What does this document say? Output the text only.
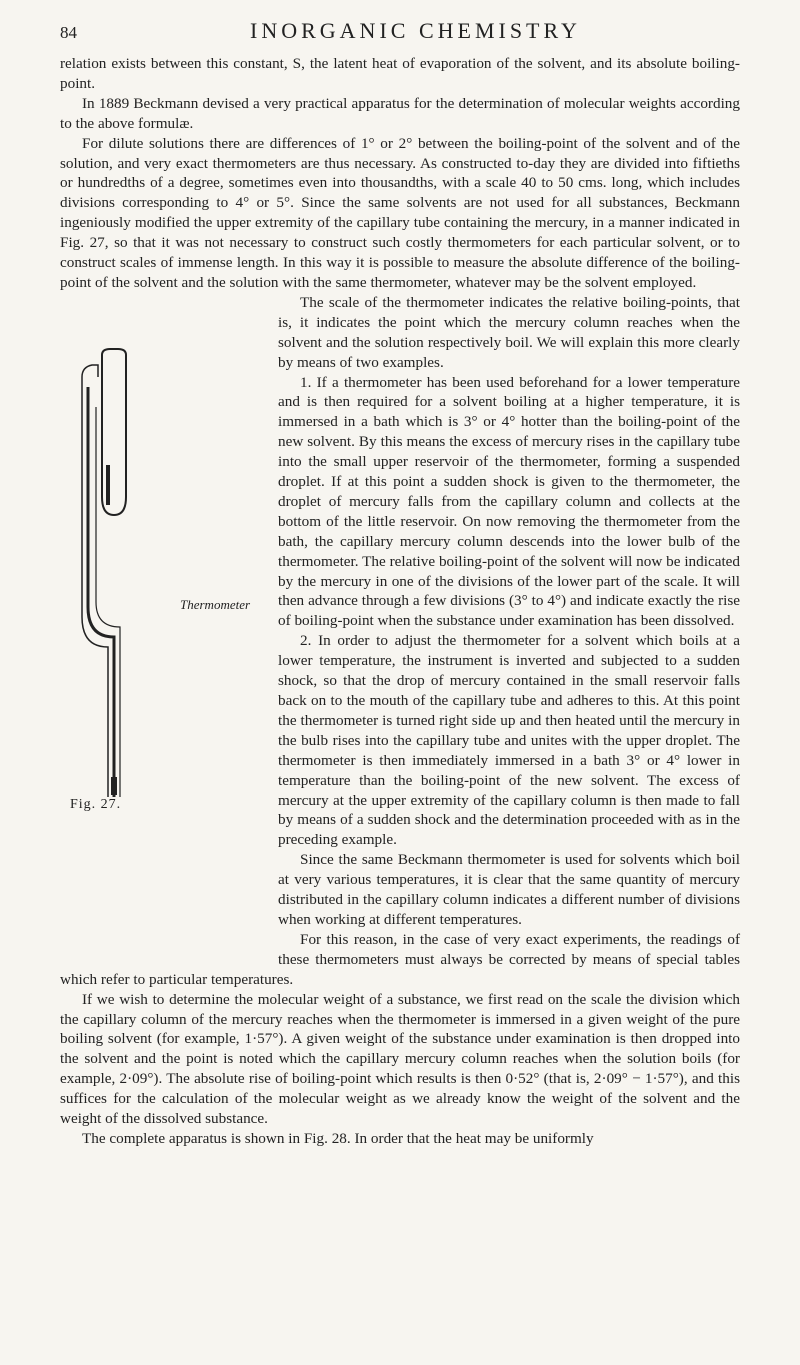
84	INORGANIC CHEMISTRY

relation exists between this constant, S, the latent heat of evaporation of the solvent, and its absolute boiling-point.

In 1889 Beckmann devised a very practical apparatus for the determination of molecular weights according to the above formulæ.

For dilute solutions there are differences of 1° or 2° between the boiling-point of the solvent and of the solution, and very exact thermometers are thus necessary. As constructed to-day they are divided into fiftieths or hundredths of a degree, sometimes even into thousandths, with a scale 40 to 50 cms. long, which includes divisions corresponding to 4° or 5°. Since the same solvents are not used for all substances, Beckmann ingeniously modified the upper extremity of the capillary tube containing the mercury, in a manner indicated in Fig. 27, so that it was not necessary to construct such costly thermometers for each particular solvent, or to construct scales of immense length. In this way it is possible to measure the absolute difference of the boiling-point of the solvent and the solution with the same thermometer, whatever may be the solvent employed.

Thermometer
Fig. 27.

The scale of the thermometer indicates the relative boiling-points, that is, it indicates the point which the mercury column reaches when the solvent and the solution respectively boil. We will explain this more clearly by means of two examples.

1. If a thermometer has been used beforehand for a lower temperature and is then required for a solvent boiling at a higher temperature, it is immersed in a bath which is 3° or 4° hotter than the boiling-point of the new solvent. By this means the excess of mercury rises in the capillary tube into the small upper reservoir of the thermometer, forming a suspended droplet. If at this point a sudden shock is given to the thermometer, the droplet of mercury falls from the capillary column and collects at the bottom of the little reservoir. On now removing the thermometer from the bath, the capillary mercury column descends into the lower bulb of the thermometer. The relative boiling-point of the solvent will now be indicated by the mercury in one of the divisions of the lower part of the scale. It will then advance through a few divisions (3° to 4°) and indicate exactly the rise of boiling-point when the substance under examination has been dissolved.

2. In order to adjust the thermometer for a solvent which boils at a lower temperature, the instrument is inverted and subjected to a sudden shock, so that the drop of mercury contained in the small reservoir falls back on to the mouth of the capillary tube and adheres to this. At this point the thermometer is turned right side up and then heated until the mercury in the bulb rises into the capillary tube and unites with the upper droplet. The thermometer is then immediately immersed in a bath 3° or 4° lower in temperature than the boiling-point of the new solvent. The excess of mercury at the upper extremity of the capillary column is then made to fall by means of a sudden shock and the determination proceeded with as in the preceding example.

Since the same Beckmann thermometer is used for solvents which boil at very various temperatures, it is clear that the same quantity of mercury distributed in the capillary column indicates a different number of divisions when working at different temperatures.

For this reason, in the case of very exact experiments, the readings of these thermometers must always be corrected by means of special tables which refer to particular temperatures.

If we wish to determine the molecular weight of a substance, we first read on the scale the division which the capillary column of the mercury reaches when the thermometer is immersed in a given weight of the pure boiling solvent (for example, 1·57°). A given weight of the substance under examination is then dropped into the solvent and the point is noted which the capillary mercury column reaches when the solution boils (for example, 2·09°). The absolute rise of boiling-point which results is then 0·52° (that is, 2·09° − 1·57°), and this suffices for the calculation of the molecular weight as we already know the weight of the solvent and the weight of the dissolved substance.

The complete apparatus is shown in Fig. 28. In order that the heat may be uniformly
